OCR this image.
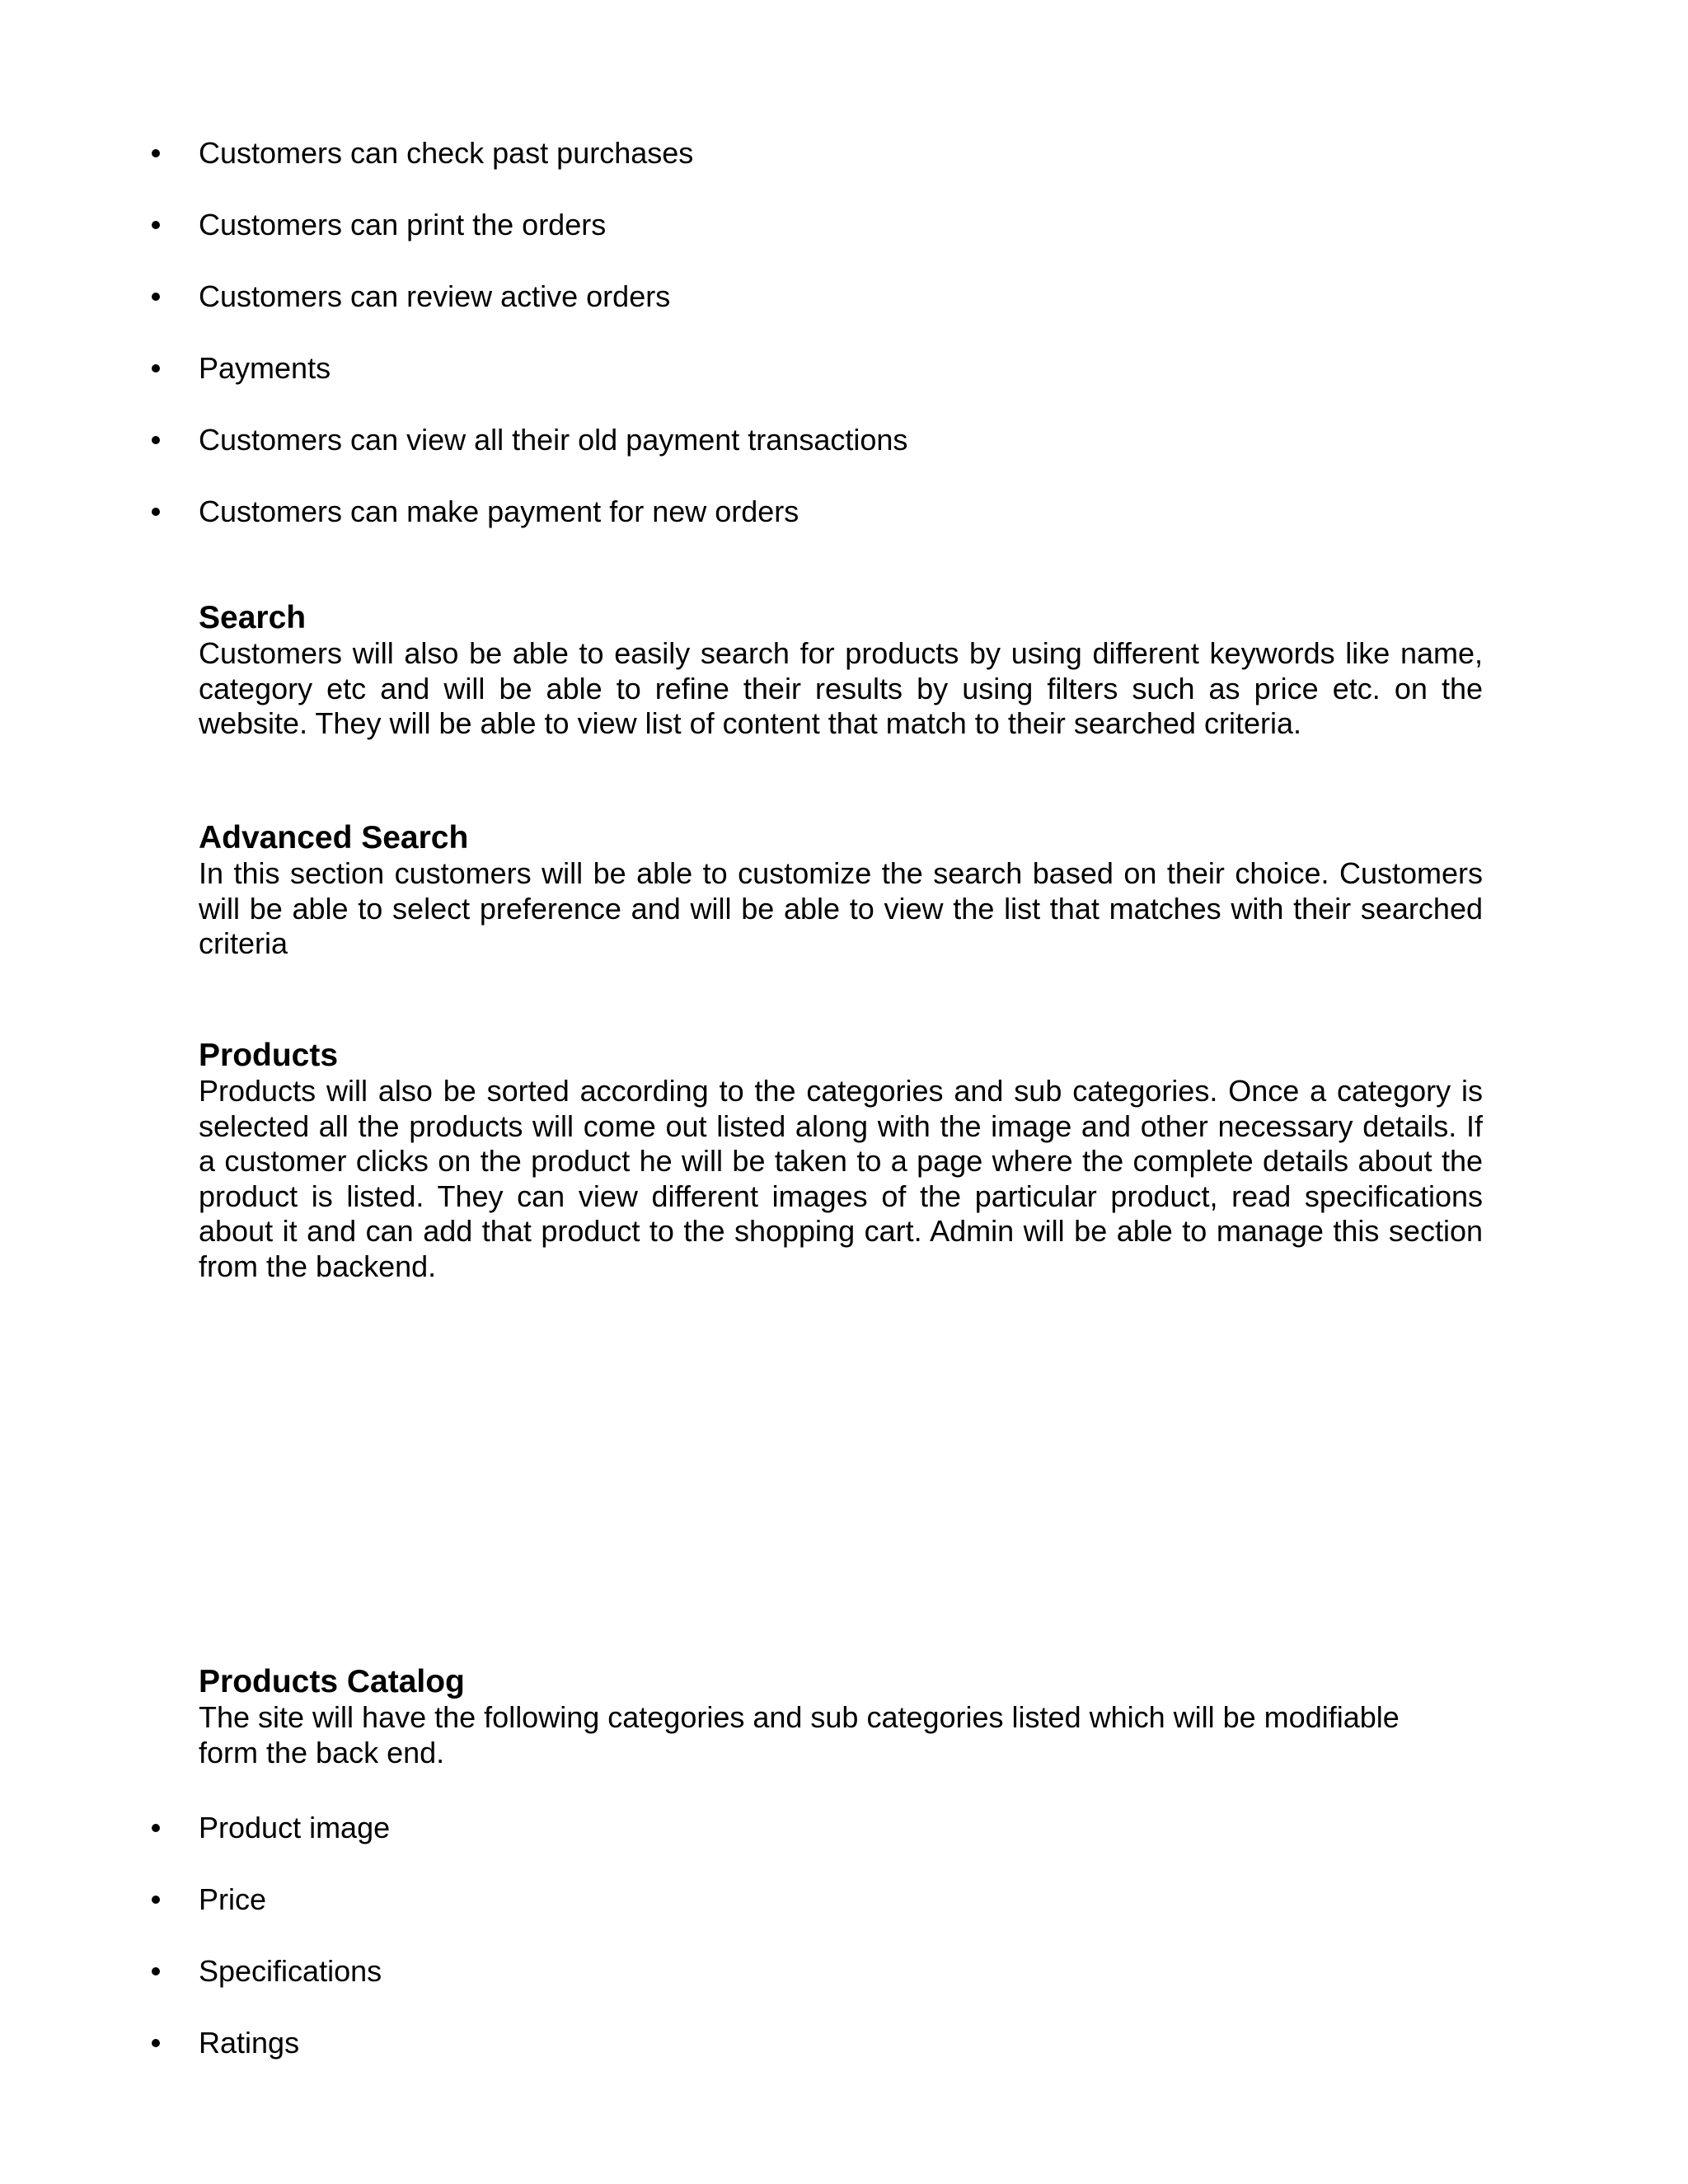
Customers can check past purchases
Customers can print the orders
Customers can review active orders
Payments
Customers can view all their old payment transactions
Customers can make payment for new orders
Search

Customers will also be able to easily search for products by using different keywords like name, category etc and will be able to refine their results by using filters such as price etc. on the website. They will be able to view list of content that match to their searched criteria.

Advanced Search

In this section customers will be able to customize the search based on their choice. Customers will be able to select preference and will be able to view the list that matches with their searched criteria

Products

Products will also be sorted according to the categories and sub categories. Once a category is selected all the products will come out listed along with the image and other necessary details. If a customer clicks on the product he will be taken to a page where the complete details about the product is listed. They can view different images of the particular product, read specifications about it and can add that product to the shopping cart. Admin will be able to manage this section from the backend.

Products Catalog

The site will have the following categories and sub categories listed which will be modifiable form the back end.

Product image
Price
Specifications
Ratings
